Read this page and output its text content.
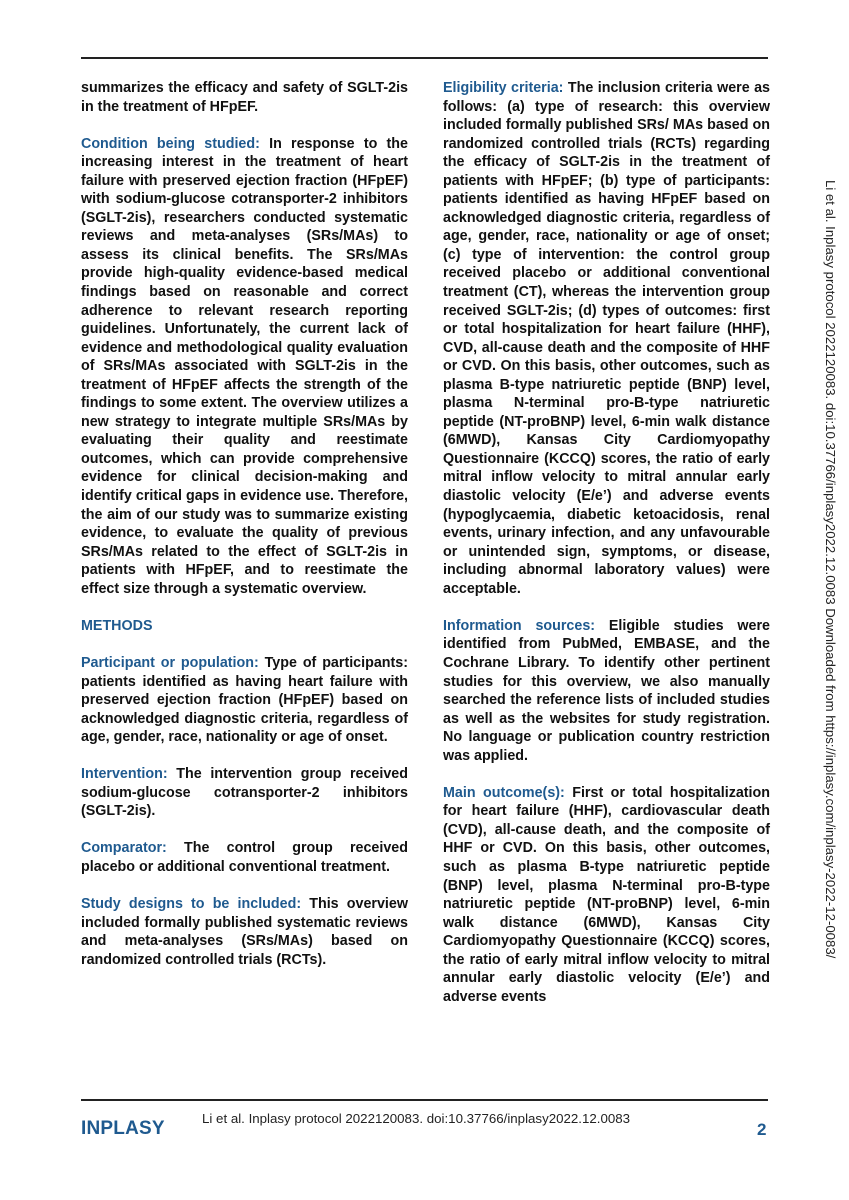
summarizes the efficacy and safety of SGLT-2is in the treatment of HFpEF.

Condition being studied: In response to the increasing interest in the treatment of heart failure with preserved ejection fraction (HFpEF) with sodium-glucose cotransporter-2 inhibitors (SGLT-2is), researchers conducted systematic reviews and meta-analyses (SRs/MAs) to assess its clinical benefits. The SRs/MAs provide high-quality evidence-based medical findings based on reasonable and correct adherence to relevant research reporting guidelines. Unfortunately, the current lack of evidence and methodological quality evaluation of SRs/MAs associated with SGLT-2is in the treatment of HFpEF affects the strength of the findings to some extent. The overview utilizes a new strategy to integrate multiple SRs/MAs by evaluating their quality and reestimate outcomes, which can provide comprehensive evidence for clinical decision-making and identify critical gaps in evidence use. Therefore, the aim of our study was to summarize existing evidence, to evaluate the quality of previous SRs/MAs related to the effect of SGLT-2is in patients with HFpEF, and to reestimate the effect size through a systematic overview.

METHODS

Participant or population: Type of participants: patients identified as having heart failure with preserved ejection fraction (HFpEF) based on acknowledged diagnostic criteria, regardless of age, gender, race, nationality or age of onset.

Intervention: The intervention group received sodium-glucose cotransporter-2 inhibitors (SGLT-2is).

Comparator: The control group received placebo or additional conventional treatment.

Study designs to be included: This overview included formally published systematic reviews and meta-analyses (SRs/MAs) based on randomized controlled trials (RCTs).

Eligibility criteria: The inclusion criteria were as follows: (a) type of research: this overview included formally published SRs/ MAs based on randomized controlled trials (RCTs) regarding the efficacy of SGLT-2is in the treatment of patients with HFpEF; (b) type of participants: patients identified as having HFpEF based on acknowledged diagnostic criteria, regardless of age, gender, race, nationality or age of onset; (c) type of intervention: the control group received placebo or additional conventional treatment (CT), whereas the intervention group received SGLT-2is; (d) types of outcomes: first or total hospitalization for heart failure (HHF), CVD, all-cause death and the composite of HHF or CVD. On this basis, other outcomes, such as plasma B-type natriuretic peptide (BNP) level, plasma N-terminal pro-B-type natriuretic peptide (NT-proBNP) level, 6-min walk distance (6MWD), Kansas City Cardiomyopathy Questionnaire (KCCQ) scores, the ratio of early mitral inflow velocity to mitral annular early diastolic velocity (E/e’) and adverse events (hypoglycaemia, diabetic ketoacidosis, renal events, urinary infection, and any unfavourable or unintended sign, symptoms, or disease, including abnormal laboratory values) were acceptable.

Information sources: Eligible studies were identified from PubMed, EMBASE, and the Cochrane Library. To identify other pertinent studies for this overview, we also manually searched the reference lists of included studies as well as the websites for study registration. No language or publication country restriction was applied.

Main outcome(s): First or total hospitalization for heart failure (HHF), cardiovascular death (CVD), all-cause death, and the composite of HHF or CVD. On this basis, other outcomes, such as plasma B-type natriuretic peptide (BNP) level, plasma N-terminal pro-B-type natriuretic peptide (NT-proBNP) level, 6-min walk distance (6MWD), Kansas City Cardiomyopathy Questionnaire (KCCQ) scores, the ratio of early mitral inflow velocity to mitral annular early diastolic velocity (E/e’) and adverse events

Li et al. Inplasy protocol 2022120083. doi:10.37766/inplasy2022.12.0083 Downloaded from https://inplasy.com/inplasy-2022-12-0083/
INPLASY	Li et al. Inplasy protocol 2022120083. doi:10.37766/inplasy2022.12.0083
2
